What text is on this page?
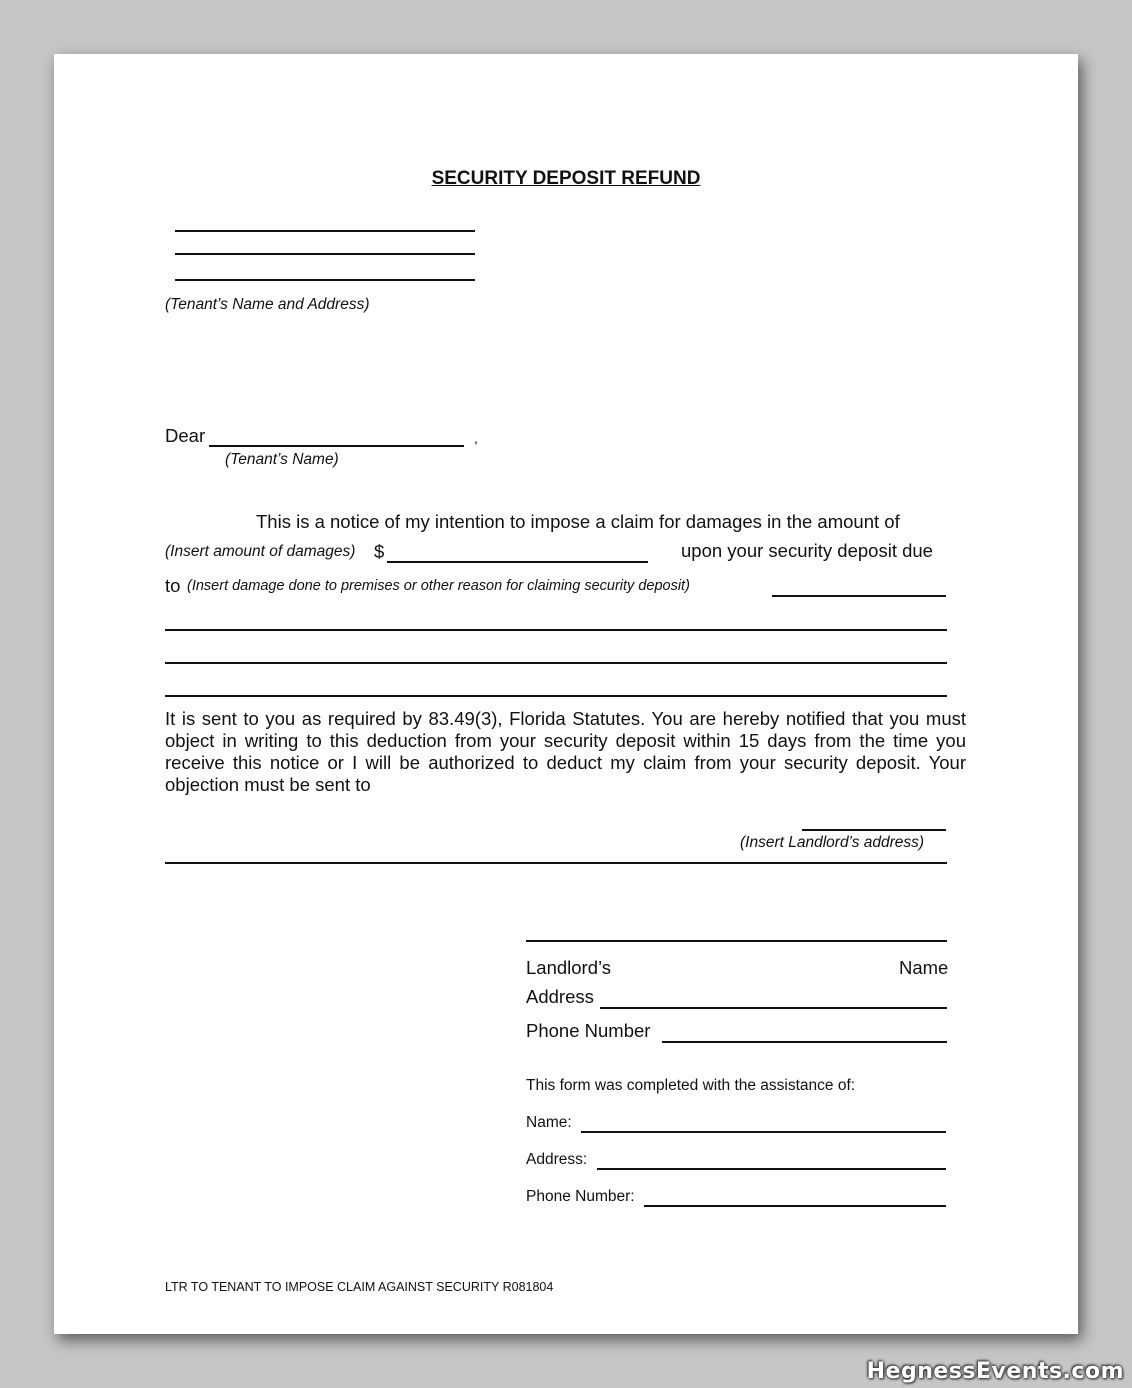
SECURITY DEPOSIT REFUND
(Tenant’s Name and Address)
Dear	,
(Tenant’s Name)
This is a notice of my intention to impose a claim for damages in the amount of
(Insert amount of damages) $	upon your security deposit due
to (Insert damage done to premises or other reason for claiming security deposit)
It is sent to you as required by 83.49(3), Florida Statutes. You are hereby notified that you must object in writing to this deduction from your security deposit within 15 days from the time you receive this notice or I will be authorized to deduct my claim from your security deposit. Your objection must be sent to
(Insert Landlord’s address)
Landlord’s	Name
Address
Phone Number
This form was completed with the assistance of:
Name:
Address:
Phone Number:
LTR TO TENANT TO IMPOSE CLAIM AGAINST SECURITY R081804
HegnessEvents.com
